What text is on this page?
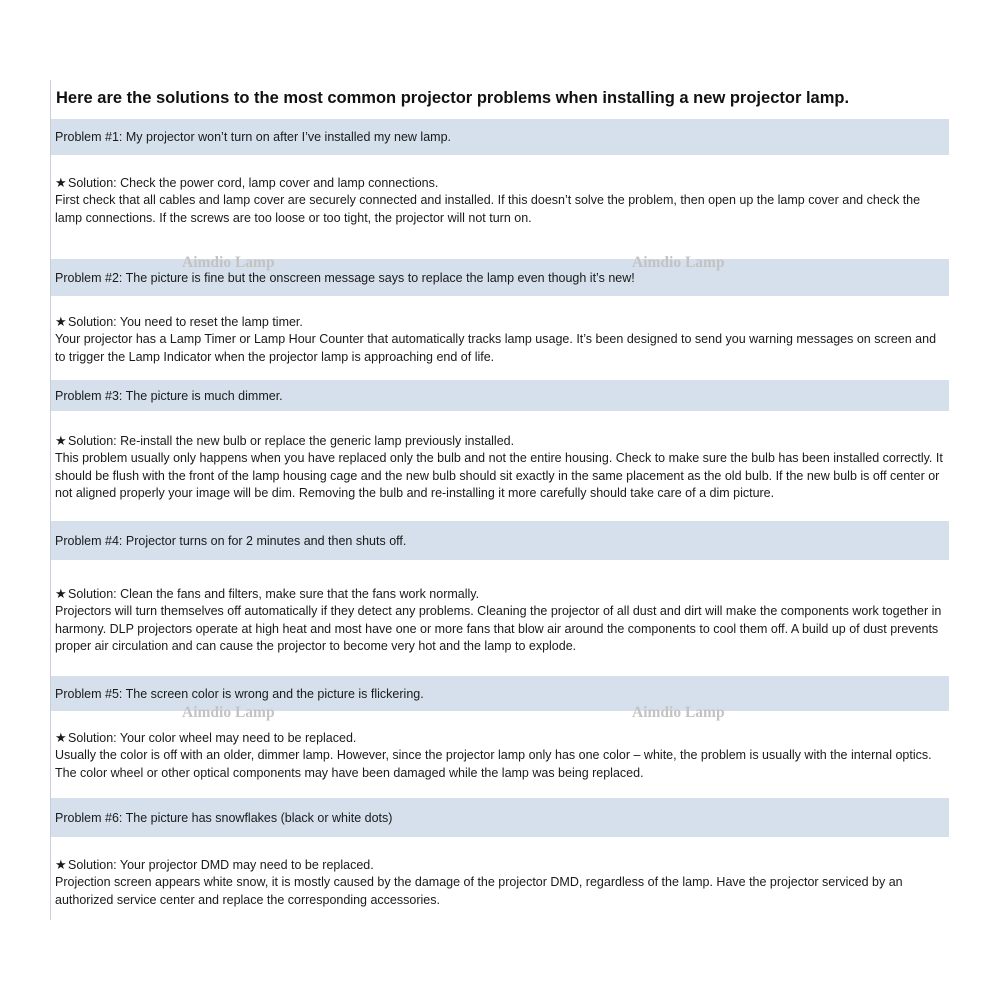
Here are the solutions to the most common projector problems when installing a new projector lamp.
Problem #1: My projector won’t turn on after I’ve installed my new lamp.
★Solution: Check the power cord, lamp cover and lamp connections.
First check that all cables and lamp cover are securely connected and installed. If this doesn’t solve the problem, then open up the lamp cover and check the lamp connections. If the screws are too loose or too tight, the projector will not turn on.
Problem #2: The picture is fine but the onscreen message says to replace the lamp even though it’s new!
★Solution: You need to reset the lamp timer.
Your projector has a Lamp Timer or Lamp Hour Counter that automatically tracks lamp usage. It’s been designed to send you warning messages on screen and to trigger the Lamp Indicator when the projector lamp is approaching end of life.
Problem #3: The picture is much dimmer.
★Solution: Re-install the new bulb or replace the generic lamp previously installed.
This problem usually only happens when you have replaced only the bulb and not the entire housing. Check to make sure the bulb has been installed correctly. It should be flush with the front of the lamp housing cage and the new bulb should sit exactly in the same placement as the old bulb. If the new bulb is off center or not aligned properly your image will be dim. Removing the bulb and re-installing it more carefully should take care of a dim picture.
Problem #4: Projector turns on for 2 minutes and then shuts off.
★Solution: Clean the fans and filters, make sure that the fans work normally.
Projectors will turn themselves off automatically if they detect any problems. Cleaning the projector of all dust and dirt will make the components work together in harmony. DLP projectors operate at high heat and most have one or more fans that blow air around the components to cool them off. A build up of dust prevents proper air circulation and can cause the projector to become very hot and the lamp to explode.
Problem #5: The screen color is wrong and the picture is flickering.
★Solution: Your color wheel may need to be replaced.
Usually the color is off with an older, dimmer lamp. However, since the projector lamp only has one color – white, the problem is usually with the internal optics. The color wheel or other optical components may have been damaged while the lamp was being replaced.
Problem #6: The picture has snowflakes (black or white dots)
★Solution: Your projector DMD may need to be replaced.
Projection screen appears white snow, it is mostly caused by the damage of the projector DMD, regardless of the lamp. Have the projector serviced by an authorized service center and replace the corresponding accessories.
Aimdio Lamp	Aimdio Lamp
Aimdio Lamp	Aimdio Lamp
